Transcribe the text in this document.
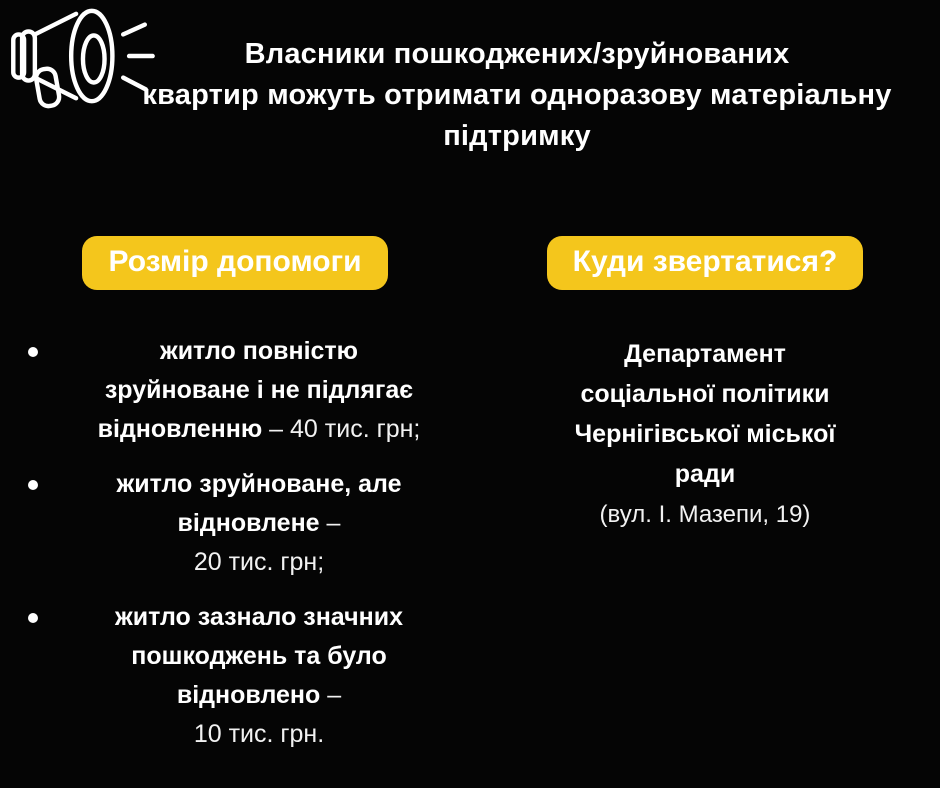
Власники пошкоджених/зруйнованих
квартир можуть отримати одноразову матеріальну
підтримку
Розмір допомоги
житло повністю
зруйноване і не підлягає
відновленню – 40 тис. грн;
житло зруйноване, але
відновлене –
20 тис. грн;
житло зазнало значних
пошкоджень та було
відновлено –
10 тис. грн.
Куди звертатися?
Департамент
соціальної політики
Чернігівської міської
ради
(вул. І. Мазепи, 19)
